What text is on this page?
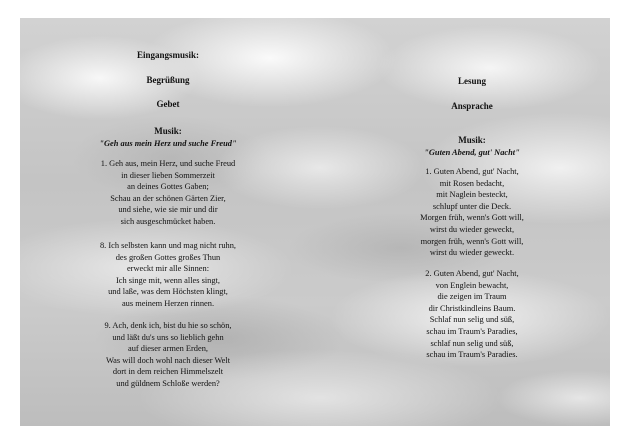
Eingangsmusik:
Begrüßung
Gebet
Musik:
"Geh aus mein Herz und suche Freud"
1. Geh aus, mein Herz, und suche Freud
in dieser lieben Sommerzeit
an deines Gottes Gaben;
Schau an der schönen Gärten Zier,
und siehe, wie sie mir und dir
sich ausgeschmücket haben.
8. Ich selbsten kann und mag nicht ruhn,
des großen Gottes großes Thun
erweckt mir alle Sinnen:
Ich singe mit, wenn alles singt,
und laße, was dem Höchsten klingt,
aus meinem Herzen rinnen.
9. Ach, denk ich, bist du hie so schön,
und läßt du's uns so lieblich gehn
auf dieser armen Erden,
Was will doch wohl nach dieser Welt
dort in dem reichen Himmelszelt
und güldnem Schloße werden?
Lesung
Ansprache
Musik:
"Guten Abend, gut' Nacht"
1. Guten Abend, gut' Nacht,
mit Rosen bedacht,
mit Naglein besteckt,
schlupf unter die Deck.
Morgen früh, wenn's Gott will,
wirst du wieder geweckt,
morgen früh, wenn's Gott will,
wirst du wieder geweckt.
2. Guten Abend, gut' Nacht,
von Englein bewacht,
die zeigen im Traum
dir Christkindleins Baum.
Schlaf nun selig und süß,
schau im Traum's Paradies,
schlaf nun selig und süß,
schau im Traum's Paradies.
